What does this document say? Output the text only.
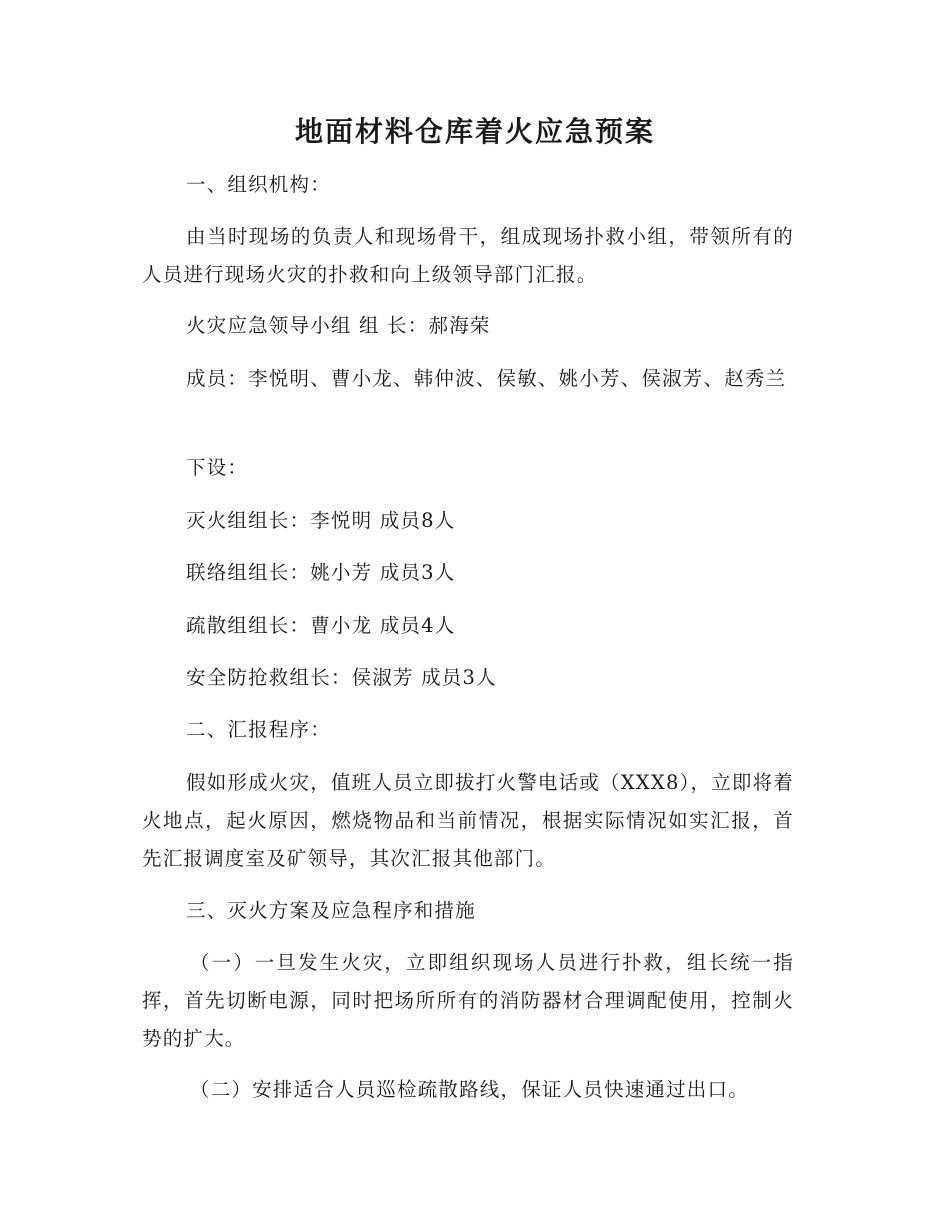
地面材料仓库着火应急预案

一、组织机构：

由当时现场的负责人和现场骨干，组成现场扑救小组，带领所有的人员进行现场火灾的扑救和向上级领导部门汇报。

火灾应急领导小组 组 长：郝海荣

成员：李悦明、曹小龙、韩仲波、侯敏、姚小芳、侯淑芳、赵秀兰

下设：

灭火组组长：李悦明 成员8人

联络组组长：姚小芳 成员3人

疏散组组长：曹小龙 成员4人

安全防抢救组长：侯淑芳 成员3人

二、汇报程序：

假如形成火灾，值班人员立即拔打火警电话或（XXX8），立即将着火地点，起火原因，燃烧物品和当前情况，根据实际情况如实汇报，首先汇报调度室及矿领导，其次汇报其他部门。

三、灭火方案及应急程序和措施

（一）一旦发生火灾，立即组织现场人员进行扑救，组长统一指挥，首先切断电源，同时把场所所有的消防器材合理调配使用，控制火势的扩大。

（二）安排适合人员巡检疏散路线，保证人员快速通过出口。
